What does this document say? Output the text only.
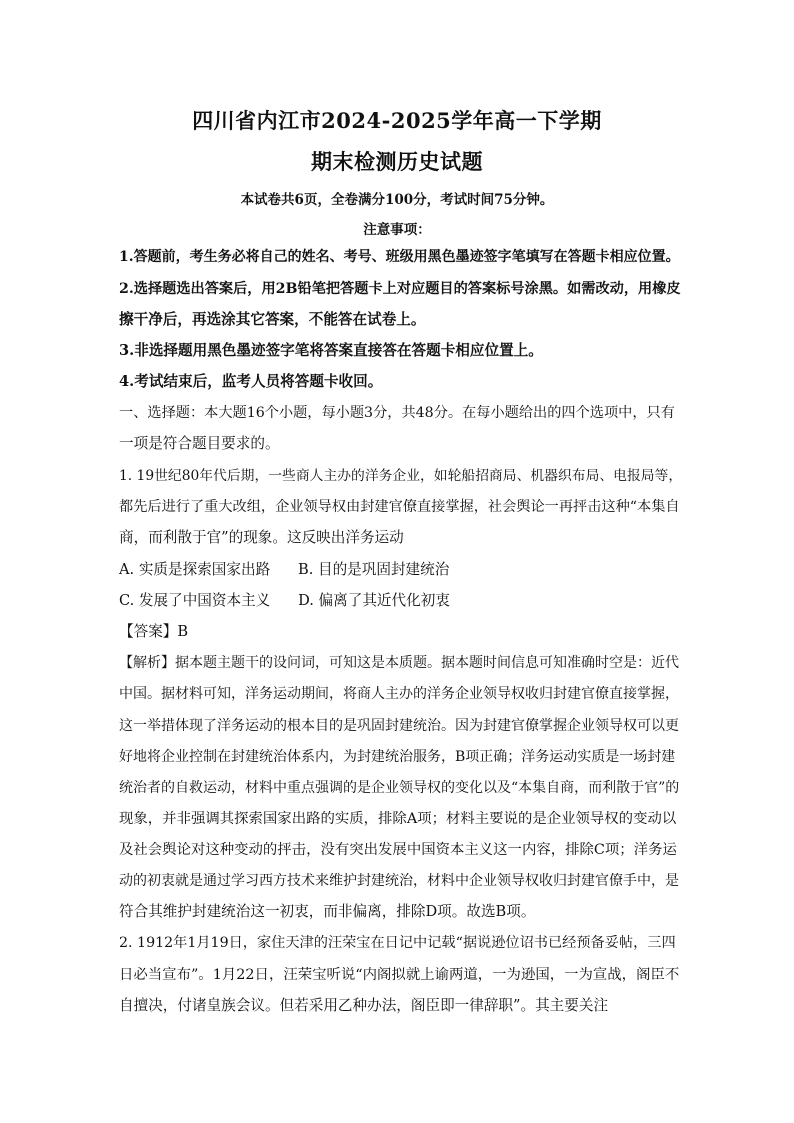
四川省内江市2024-2025学年高一下学期
期末检测历史试题
本试卷共6页，全卷满分100分，考试时间75分钟。
注意事项：
1.答题前，考生务必将自己的姓名、考号、班级用黑色墨迹签字笔填写在答题卡相应位置。
2.选择题选出答案后，用2B铅笔把答题卡上对应题目的答案标号涂黑。如需改动，用橡皮
擦干净后，再选涂其它答案，不能答在试卷上。
3.非选择题用黑色墨迹签字笔将答案直接答在答题卡相应位置上。
4.考试结束后，监考人员将答题卡收回。
一、选择题：本大题16个小题，每小题3分，共48分。在每小题给出的四个选项中，只有
一项是符合题目要求的。
1. 19世纪80年代后期，一些商人主办的洋务企业，如轮船招商局、机器织布局、电报局等，
都先后进行了重大改组，企业领导权由封建官僚直接掌握，社会舆论一再抨击这种“本集自
商，而利散于官”的现象。这反映出洋务运动
A. 实质是探索国家出路      B. 目的是巩固封建统治
C. 发展了中国资本主义      D. 偏离了其近代化初衷
【答案】B
【解析】据本题主题干的设问词，可知这是本质题。据本题时间信息可知准确时空是：近代
中国。据材料可知，洋务运动期间，将商人主办的洋务企业领导权收归封建官僚直接掌握，
这一举措体现了洋务运动的根本目的是巩固封建统治。因为封建官僚掌握企业领导权可以更
好地将企业控制在封建统治体系内，为封建统治服务，B项正确；洋务运动实质是一场封建
统治者的自救运动，材料中重点强调的是企业领导权的变化以及“本集自商，而利散于官”的
现象，并非强调其探索国家出路的实质，排除A项；材料主要说的是企业领导权的变动以
及社会舆论对这种变动的抨击，没有突出发展中国资本主义这一内容，排除C项；洋务运
动的初衷就是通过学习西方技术来维护封建统治，材料中企业领导权收归封建官僚手中，是
符合其维护封建统治这一初衷，而非偏离，排除D项。故选B项。
2. 1912年1月19日，家住天津的汪荣宝在日记中记载“据说逊位诏书已经预备妥帖，三四
日必当宣布”。1月22日，汪荣宝听说“内阁拟就上谕两道，一为逊国，一为宣战，阁臣不
自擅决，付诸皇族会议。但若采用乙种办法，阁臣即一律辞职”。其主要关注
